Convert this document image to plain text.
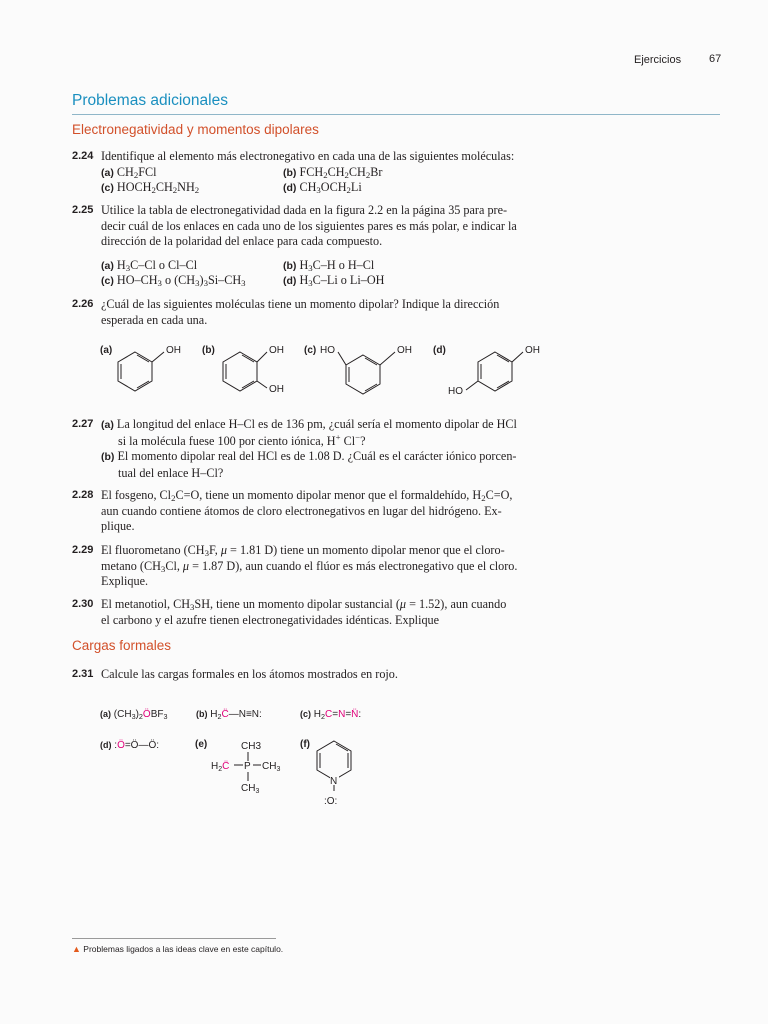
Ejercicios	67
Problemas adicionales
Electronegatividad y momentos dipolares
2.24 Identifique al elemento más electronegativo en cada una de las siguientes moléculas:
(a) $CH_2FCl$	(b) $FCH_2CH_2CH_2Br$
(c) $HOCH_2CH_2NH_2$	(d) $CH_3OCH_2Li$
2.25 Utilice la tabla de electronegatividad dada en la figura 2.2 en la página 35 para pre-
decir cuál de los enlaces en cada uno de los siguientes pares es más polar, e indicar la
dirección de la polaridad del enlace para cada compuesto.
(a) $H_3C-Cl$ o Cl–Cl	(b) $H_3C-H$ o H–Cl
(c) $HO-CH_3$ o $(CH_3)_3Si-CH_3$	(d) $H_3C-Li$ o Li–OH
2.26 ¿Cuál de las siguientes moléculas tiene un momento dipolar? Indique la dirección
esperada en cada una.
(a)	OH (b)	OH
OH
(c) HO	OH (d)	OH
HO
2.27 (a) La longitud del enlace H–Cl es de 136 pm, ¿cuál sería el momento dipolar de HCl
si la molécula fuese 100 por ciento iónica, H+ Cl−?
(b) El momento dipolar real del HCl es de 1.08 D. ¿Cuál es el carácter iónico porcen-
tual del enlace H–Cl?
2.28 El fosgeno, $Cl_2C=O$, tiene un momento dipolar menor que el formaldehído, $H_2C=O$,
aun cuando contiene átomos de cloro electronegativos en lugar del hidrógeno. Ex-
plique.
2.29 El fluorometano ($CH_3F$, μ = 1.81 D) tiene un momento dipolar menor que el cloro-
metano ($CH_3Cl$, μ = 1.87 D), aun cuando el flúor es más electronegativo que el cloro.
Explique.
2.30 El metanotiol, $CH_3SH$, tiene un momento dipolar sustancial (μ = 1.52), aun cuando
el carbono y el azufre tienen electronegatividades idénticas. Explique
Cargas formales
2.31 Calcule las cargas formales en los átomos mostrados en rojo.
(a) $(CH_3)_2ÖBF_3$	(b) $H_2C̈—N\equiv N$:	(c) $H_2C=N=N̈$:
(d) :Ö=Ö—Ö:	(e)	CH3
$H_2C̈$ P $CH_3$
$CH_3$
(f)
N
:O:
▲ Problemas ligados a las ideas clave en este capítulo.
